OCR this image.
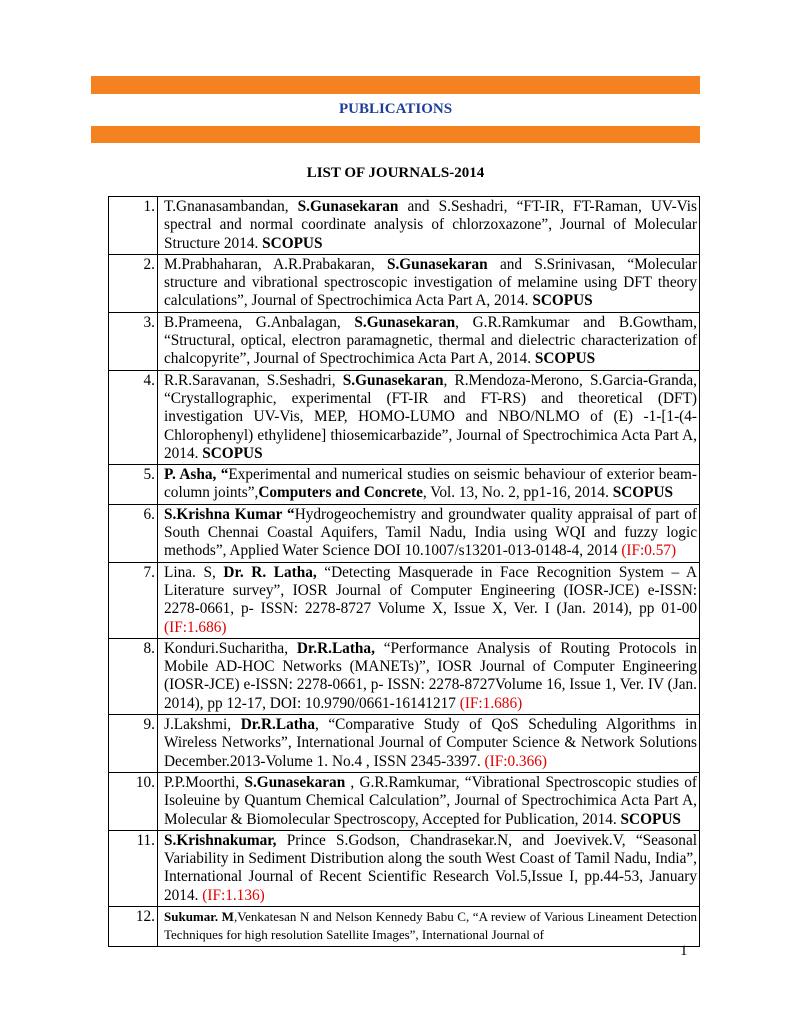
PUBLICATIONS
LIST OF JOURNALS-2014
1.	T.Gnanasambandan, S.Gunasekaran and S.Seshadri, “FT-IR, FT-Raman, UV-Vis spectral and normal coordinate analysis of chlorzoxazone”, Journal of Molecular Structure 2014. SCOPUS
2.	M.Prabhaharan, A.R.Prabakaran, S.Gunasekaran and S.Srinivasan, “Molecular structure and vibrational spectroscopic investigation of melamine using DFT theory calculations”, Journal of Spectrochimica Acta Part A, 2014. SCOPUS
3.	B.Prameena, G.Anbalagan, S.Gunasekaran, G.R.Ramkumar and B.Gowtham, “Structural, optical, electron paramagnetic, thermal and dielectric characterization of chalcopyrite”, Journal of Spectrochimica Acta Part A, 2014. SCOPUS
4.	R.R.Saravanan, S.Seshadri, S.Gunasekaran, R.Mendoza-Merono, S.Garcia-Granda, “Crystallographic, experimental (FT-IR and FT-RS) and theoretical (DFT) investigation UV-Vis, MEP, HOMO-LUMO and NBO/NLMO of (E) -1-[1-(4-Chlorophenyl) ethylidene] thiosemicarbazide”, Journal of Spectrochimica Acta Part A, 2014. SCOPUS
5.	P. Asha, “Experimental and numerical studies on seismic behaviour of exterior beam-column joints”,Computers and Concrete, Vol. 13, No. 2, pp1-16, 2014. SCOPUS
6.	S.Krishna Kumar “Hydrogeochemistry and groundwater quality appraisal of part of South Chennai Coastal Aquifers, Tamil Nadu, India using WQI and fuzzy logic methods”, Applied Water Science DOI 10.1007/s13201-013-0148-4, 2014 (IF:0.57)
7.	Lina. S, Dr. R. Latha, “Detecting Masquerade in Face Recognition System – A Literature survey”, IOSR Journal of Computer Engineering (IOSR-JCE) e-ISSN: 2278-0661, p- ISSN: 2278-8727 Volume X, Issue X, Ver. I (Jan. 2014), pp 01-00 (IF:1.686)
8.	Konduri.Sucharitha, Dr.R.Latha, “Performance Analysis of Routing Protocols in Mobile AD-HOC Networks (MANETs)”, IOSR Journal of Computer Engineering (IOSR-JCE) e-ISSN: 2278-0661, p- ISSN: 2278-8727Volume 16, Issue 1, Ver. IV (Jan. 2014), pp 12-17, DOI: 10.9790/0661-16141217 (IF:1.686)
9.	J.Lakshmi, Dr.R.Latha, “Comparative Study of QoS Scheduling Algorithms in Wireless Networks”, International Journal of Computer Science & Network Solutions December.2013-Volume 1. No.4 , ISSN 2345-3397. (IF:0.366)
10.	P.P.Moorthi, S.Gunasekaran , G.R.Ramkumar, “Vibrational Spectroscopic studies of Isoleuine by Quantum Chemical Calculation”, Journal of Spectrochimica Acta Part A, Molecular & Biomolecular Spectroscopy, Accepted for Publication, 2014. SCOPUS
11.	S.Krishnakumar, Prince S.Godson, Chandrasekar.N, and Joevivek.V, “Seasonal Variability in Sediment Distribution along the south West Coast of Tamil Nadu, India”, International Journal of Recent Scientific Research Vol.5,Issue I, pp.44-53, January 2014. (IF:1.136)
12.	Sukumar. M,Venkatesan N and Nelson Kennedy Babu C, “A review of Various Lineament Detection Techniques for high resolution Satellite Images”, International Journal of
1
